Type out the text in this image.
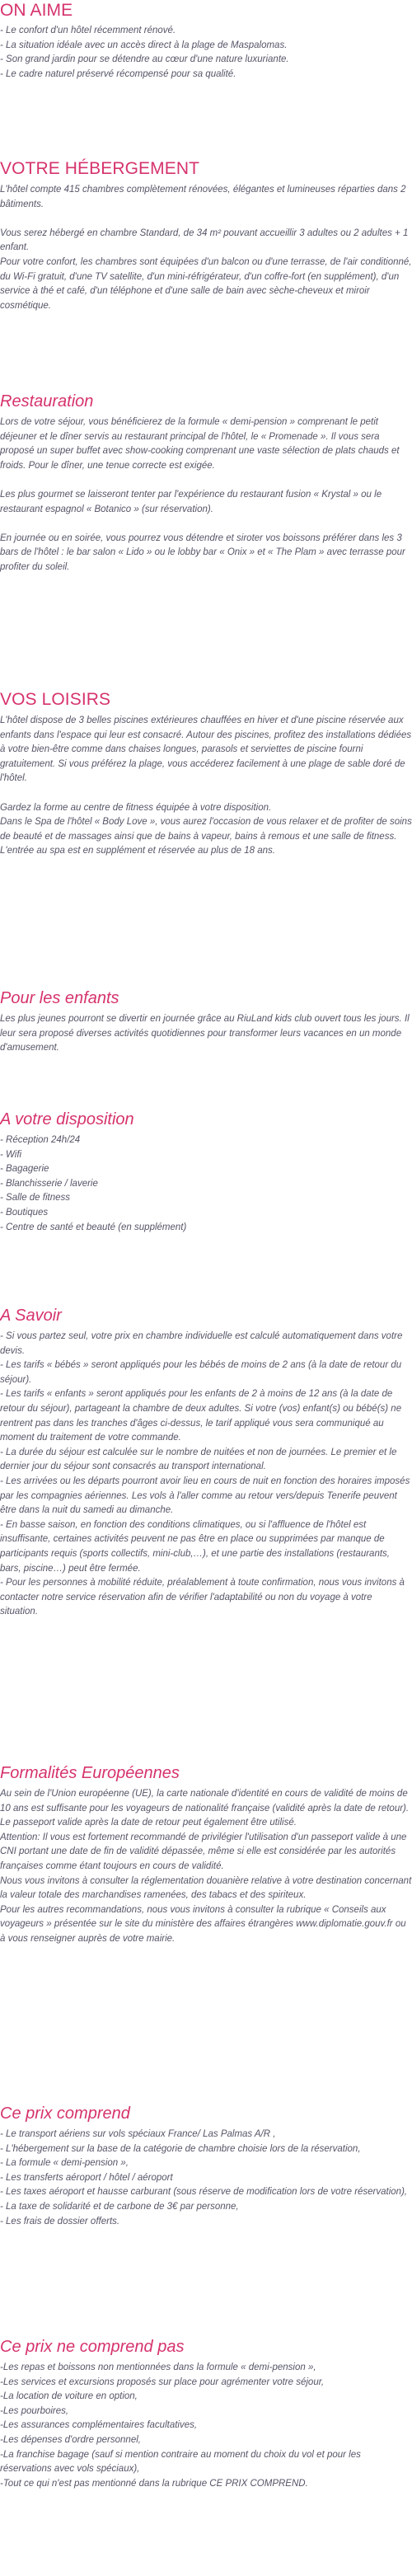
ON AIME

- Le confort d'un hôtel récemment rénové.

- La situation idéale avec un accès direct à la plage de Maspalomas.

- Son grand jardin pour se détendre au cœur d'une nature luxuriante.

- Le cadre naturel préservé récompensé pour sa qualité.

VOTRE HÉBERGEMENT

L'hôtel compte 415 chambres complètement rénovées, élégantes et lumineuses réparties dans 2 bâtiments.

Vous serez hébergé en chambre Standard, de 34 m² pouvant accueillir 3 adultes ou 2 adultes + 1 enfant.

Pour votre confort, les chambres sont équipées d'un balcon ou d'une terrasse, de l'air conditionné, du Wi-Fi gratuit, d'une TV satellite, d'un mini-réfrigérateur, d'un coffre-fort (en supplément), d'un service à thé et café, d'un téléphone et d'une salle de bain avec sèche-cheveux et miroir cosmétique.

Restauration

Lors de votre séjour, vous bénéficierez de la formule « demi-pension » comprenant le petit déjeuner et le dîner servis au restaurant principal de l'hôtel, le « Promenade ». Il vous sera proposé un super buffet avec show-cooking comprenant une vaste sélection de plats chauds et froids. Pour le dîner, une tenue correcte est exigée.

Les plus gourmet se laisseront tenter par l'expérience du restaurant fusion « Krystal » ou le restaurant espagnol « Botanico » (sur réservation).

En journée ou en soirée, vous pourrez vous détendre et siroter vos boissons préférer dans les 3 bars de l'hôtel : le bar salon « Lido » ou le lobby bar « Onix » et « The Plam » avec terrasse pour profiter du soleil.

VOS LOISIRS

L'hôtel dispose de 3 belles piscines extérieures chauffées en hiver et d'une piscine réservée aux enfants dans l'espace qui leur est consacré. Autour des piscines, profitez des installations dédiées à votre bien-être comme dans chaises longues, parasols et serviettes de piscine fourni gratuitement. Si vous préférez la plage, vous accéderez facilement à une plage de sable doré de l'hôtel.

Gardez la forme au centre de fitness équipée à votre disposition.

Dans le Spa de l'hôtel « Body Love », vous aurez l'occasion de vous relaxer et de profiter de soins de beauté et de massages ainsi que de bains à vapeur, bains à remous et une salle de fitness. L'entrée au spa est en supplément et réservée au plus de 18 ans.

Pour les enfants

Les plus jeunes pourront se divertir en journée grâce au RiuLand kids club ouvert tous les jours. Il leur sera proposé diverses activités quotidiennes pour transformer leurs vacances en un monde d'amusement.

A votre disposition

- Réception 24h/24

- Wifi

- Bagagerie

- Blanchisserie / laverie

- Salle de fitness

- Boutiques

- Centre de santé et beauté (en supplément)

A Savoir

- Si vous partez seul, votre prix en chambre individuelle est calculé automatiquement dans votre devis.

- Les tarifs « bébés » seront appliqués pour les bébés de moins de 2 ans (à la date de retour du séjour).

- Les tarifs « enfants » seront appliqués pour les enfants de 2 à moins de 12 ans (à la date de retour du séjour), partageant la chambre de deux adultes. Si votre (vos) enfant(s) ou bébé(s) ne rentrent pas dans les tranches d'âges ci-dessus, le tarif appliqué vous sera communiqué au moment du traitement de votre commande.

- La durée du séjour est calculée sur le nombre de nuitées et non de journées. Le premier et le dernier jour du séjour sont consacrés au transport international.

- Les arrivées ou les départs pourront avoir lieu en cours de nuit en fonction des horaires imposés par les compagnies aériennes. Les vols à l'aller comme au retour vers/depuis Tenerife peuvent être dans la nuit du samedi au dimanche.

- En basse saison, en fonction des conditions climatiques, ou si l'affluence de l'hôtel est insuffisante, certaines activités peuvent ne pas être en place ou supprimées par manque de participants requis (sports collectifs, mini-club,…), et une partie des installations (restaurants, bars, piscine…) peut être fermée.

- Pour les personnes à mobilité réduite, préalablement à toute confirmation, nous vous invitons à contacter notre service réservation afin de vérifier l'adaptabilité ou non du voyage à votre situation.

Formalités Européennes

Au sein de l'Union européenne (UE), la carte nationale d'identité en cours de validité de moins de 10 ans est suffisante pour les voyageurs de nationalité française (validité après la date de retour). Le passeport valide après la date de retour peut également être utilisé.

Attention: Il vous est fortement recommandé de privilégier l'utilisation d'un passeport valide à une CNI portant une date de fin de validité dépassée, même si elle est considérée par les autorités françaises comme étant toujours en cours de validité.

Nous vous invitons à consulter la réglementation douanière relative à votre destination concernant la valeur totale des marchandises ramenées, des tabacs et des spiriteux.

Pour les autres recommandations, nous vous invitons à consulter la rubrique « Conseils aux voyageurs » présentée sur le site du ministère des affaires étrangères www.diplomatie.gouv.fr ou à vous renseigner auprès de votre mairie.

Ce prix comprend

- Le transport aériens sur vols spéciaux France/ Las Palmas A/R ,

- L'hébergement sur la base de la catégorie de chambre choisie lors de la réservation,

- La formule « demi-pension »,

- Les transferts aéroport / hôtel / aéroport

- Les taxes aéroport et hausse carburant (sous réserve de modification lors de votre réservation),

- La taxe de solidarité et de carbone de 3€ par personne,

- Les frais de dossier offerts.

Ce prix ne comprend pas

-Les repas et boissons non mentionnées dans la formule « demi-pension »,

-Les services et excursions proposés sur place pour agrémenter votre séjour,

-La location de voiture en option,

-Les pourboires,

-Les assurances complémentaires facultatives,

-Les dépenses d'ordre personnel,

-La franchise bagage (sauf si mention contraire au moment du choix du vol et pour les réservations avec vols spéciaux),

-Tout ce qui n'est pas mentionné dans la rubrique CE PRIX COMPREND.
